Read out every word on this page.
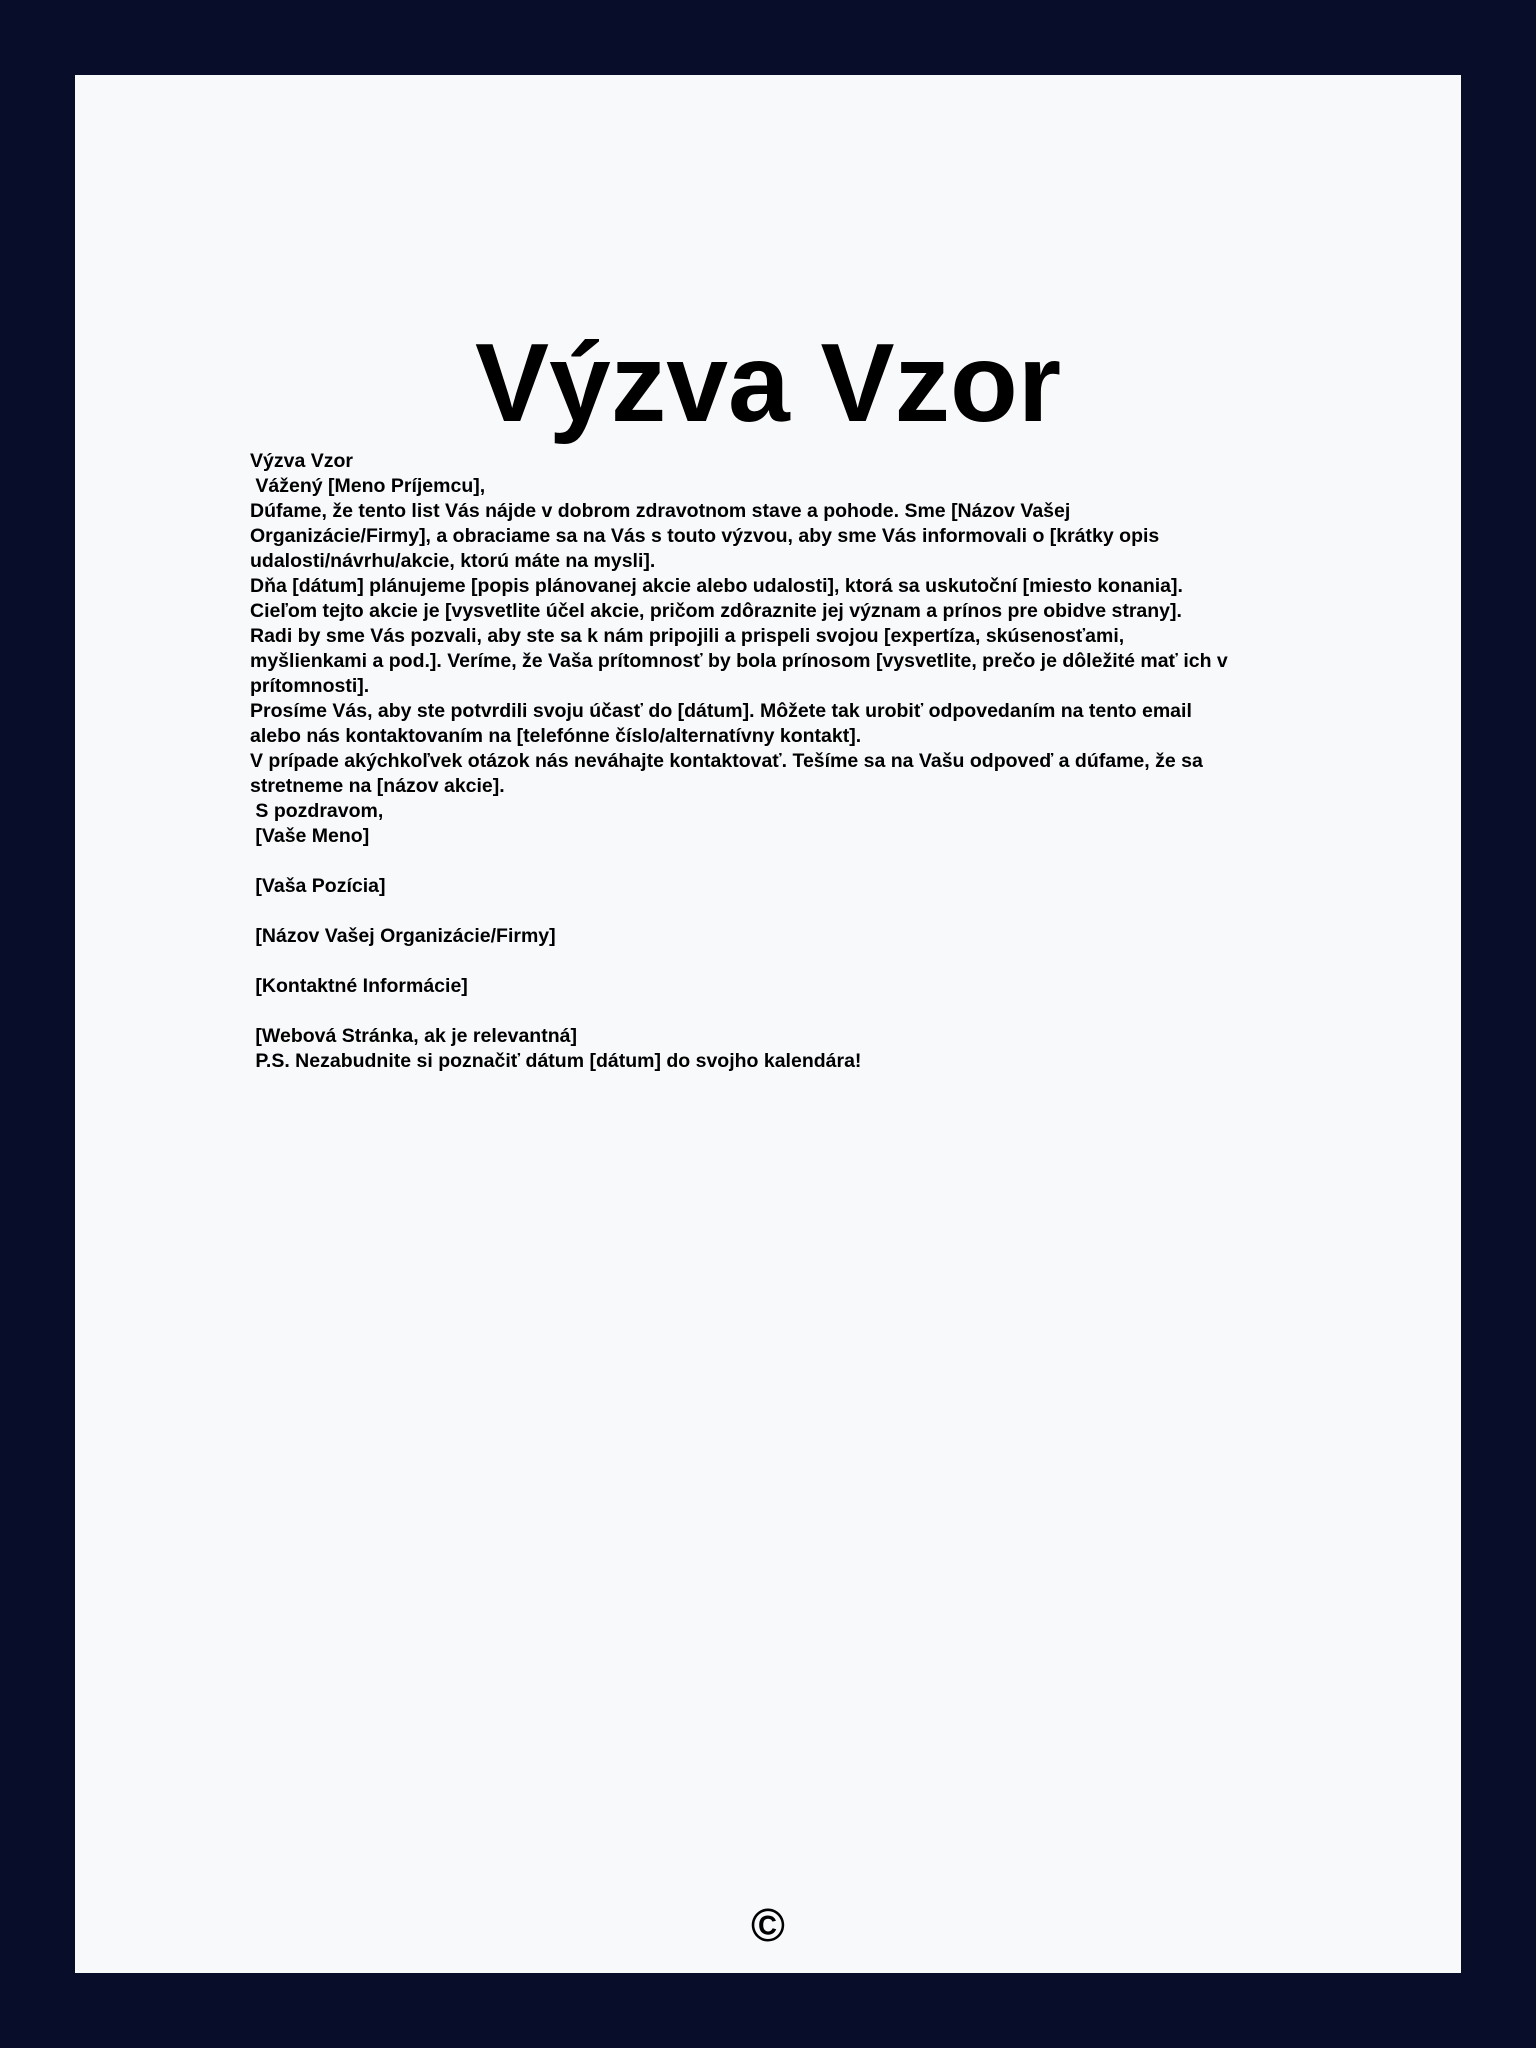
Výzva Vzor
Výzva Vzor
Vážený [Meno Príjemcu],
Dúfame, že tento list Vás nájde v dobrom zdravotnom stave a pohode. Sme [Názov Vašej
Organizácie/Firmy], a obraciame sa na Vás s touto výzvou, aby sme Vás informovali o [krátky opis
udalosti/návrhu/akcie, ktorú máte na mysli].
Dňa [dátum] plánujeme [popis plánovanej akcie alebo udalosti], ktorá sa uskutoční [miesto konania].
Cieľom tejto akcie je [vysvetlite účel akcie, pričom zdôraznite jej význam a prínos pre obidve strany].
Radi by sme Vás pozvali, aby ste sa k nám pripojili a prispeli svojou [expertíza, skúsenosťami,
myšlienkami a pod.]. Veríme, že Vaša prítomnosť by bola prínosom [vysvetlite, prečo je dôležité mať ich v
prítomnosti].
Prosíme Vás, aby ste potvrdili svoju účasť do [dátum]. Môžete tak urobiť odpovedaním na tento email
alebo nás kontaktovaním na [telefónne číslo/alternatívny kontakt].
V prípade akýchkoľvek otázok nás neváhajte kontaktovať. Tešíme sa na Vašu odpoveď a dúfame, že sa
stretneme na [názov akcie].
S pozdravom,
[Vaše Meno]
[Vaša Pozícia]
[Názov Vašej Organizácie/Firmy]
[Kontaktné Informácie]
[Webová Stránka, ak je relevantná]
P.S. Nezabudnite si poznačiť dátum [dátum] do svojho kalendára!
©
